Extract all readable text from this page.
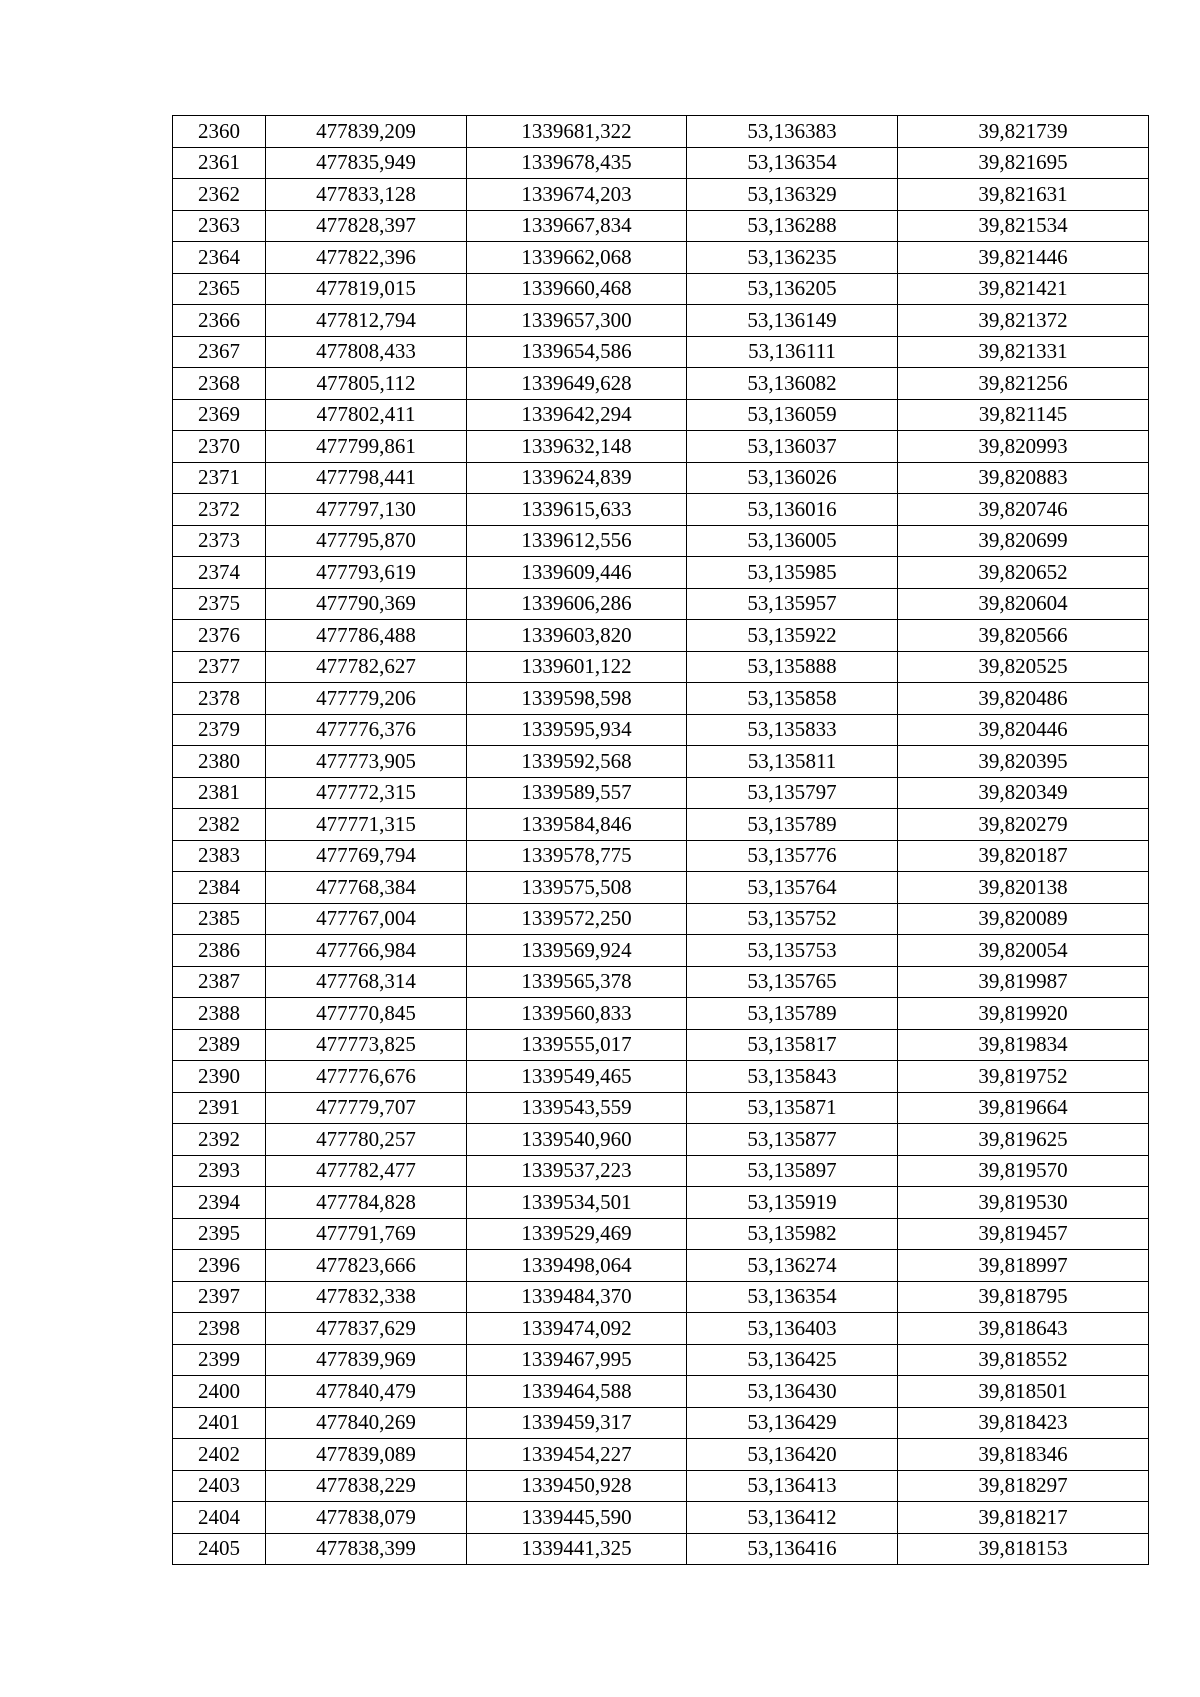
2360	477839,209	1339681,322	53,136383	39,821739
2361	477835,949	1339678,435	53,136354	39,821695
2362	477833,128	1339674,203	53,136329	39,821631
2363	477828,397	1339667,834	53,136288	39,821534
2364	477822,396	1339662,068	53,136235	39,821446
2365	477819,015	1339660,468	53,136205	39,821421
2366	477812,794	1339657,300	53,136149	39,821372
2367	477808,433	1339654,586	53,136111	39,821331
2368	477805,112	1339649,628	53,136082	39,821256
2369	477802,411	1339642,294	53,136059	39,821145
2370	477799,861	1339632,148	53,136037	39,820993
2371	477798,441	1339624,839	53,136026	39,820883
2372	477797,130	1339615,633	53,136016	39,820746
2373	477795,870	1339612,556	53,136005	39,820699
2374	477793,619	1339609,446	53,135985	39,820652
2375	477790,369	1339606,286	53,135957	39,820604
2376	477786,488	1339603,820	53,135922	39,820566
2377	477782,627	1339601,122	53,135888	39,820525
2378	477779,206	1339598,598	53,135858	39,820486
2379	477776,376	1339595,934	53,135833	39,820446
2380	477773,905	1339592,568	53,135811	39,820395
2381	477772,315	1339589,557	53,135797	39,820349
2382	477771,315	1339584,846	53,135789	39,820279
2383	477769,794	1339578,775	53,135776	39,820187
2384	477768,384	1339575,508	53,135764	39,820138
2385	477767,004	1339572,250	53,135752	39,820089
2386	477766,984	1339569,924	53,135753	39,820054
2387	477768,314	1339565,378	53,135765	39,819987
2388	477770,845	1339560,833	53,135789	39,819920
2389	477773,825	1339555,017	53,135817	39,819834
2390	477776,676	1339549,465	53,135843	39,819752
2391	477779,707	1339543,559	53,135871	39,819664
2392	477780,257	1339540,960	53,135877	39,819625
2393	477782,477	1339537,223	53,135897	39,819570
2394	477784,828	1339534,501	53,135919	39,819530
2395	477791,769	1339529,469	53,135982	39,819457
2396	477823,666	1339498,064	53,136274	39,818997
2397	477832,338	1339484,370	53,136354	39,818795
2398	477837,629	1339474,092	53,136403	39,818643
2399	477839,969	1339467,995	53,136425	39,818552
2400	477840,479	1339464,588	53,136430	39,818501
2401	477840,269	1339459,317	53,136429	39,818423
2402	477839,089	1339454,227	53,136420	39,818346
2403	477838,229	1339450,928	53,136413	39,818297
2404	477838,079	1339445,590	53,136412	39,818217
2405	477838,399	1339441,325	53,136416	39,818153
